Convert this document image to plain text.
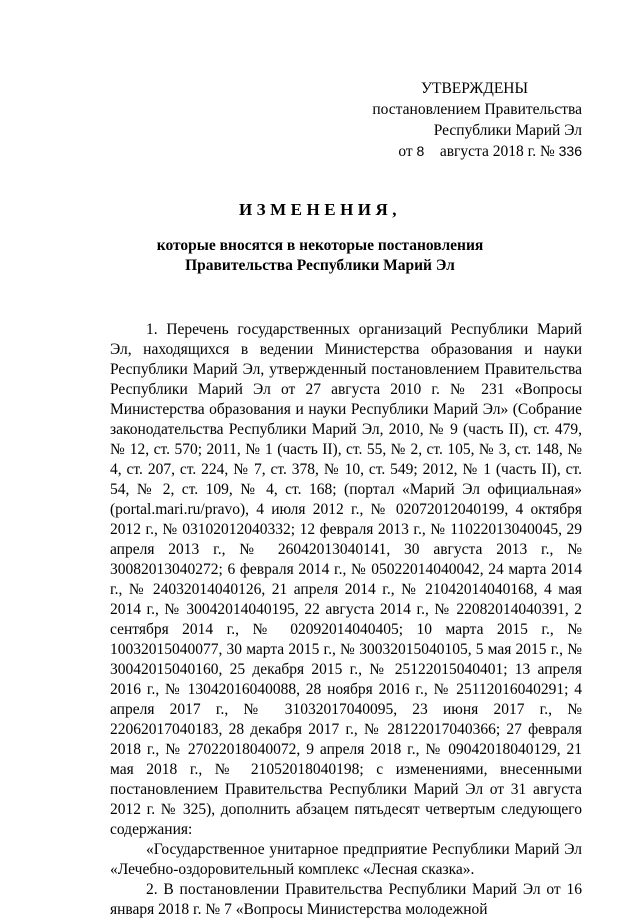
УТВЕРЖДЕНЫ
постановлением Правительства
Республики Марий Эл
от 8 августа 2018 г. № 336
ИЗМЕНЕНИЯ,
которые вносятся в некоторые постановления
Правительства Республики Марий Эл

1. Перечень государственных организаций Республики Марий Эл, находящихся в ведении Министерства образования и науки Республики Марий Эл, утвержденный постановлением Правительства Республики Марий Эл от 27 августа 2010 г. № 231 «Вопросы Министерства образования и науки Республики Марий Эл» (Собрание законодательства Республики Марий Эл, 2010, № 9 (часть II), ст. 479, № 12, ст. 570; 2011, № 1 (часть II), ст. 55, № 2, ст. 105, № 3, ст. 148, № 4, ст. 207, ст. 224, № 7, ст. 378, № 10, ст. 549; 2012, № 1 (часть II), ст. 54, № 2, ст. 109, № 4, ст. 168; (портал «Марий Эл официальная» (portal.mari.ru/pravo), 4 июля 2012 г., № 02072012040199, 4 октября 2012 г., № 03102012040332; 12 февраля 2013 г., № 11022013040045, 29 апреля 2013 г., № 26042013040141, 30 августа 2013 г., № 30082013040272; 6 февраля 2014 г., № 05022014040042, 24 марта 2014 г., № 24032014040126, 21 апреля 2014 г., № 21042014040168, 4 мая 2014 г., № 30042014040195, 22 августа 2014 г., № 22082014040391, 2 сентября 2014 г., № 02092014040405; 10 марта 2015 г., № 10032015040077, 30 марта 2015 г., № 30032015040105, 5 мая 2015 г., № 30042015040160, 25 декабря 2015 г., № 25122015040401; 13 апреля 2016 г., № 13042016040088, 28 ноября 2016 г., № 25112016040291; 4 апреля 2017 г., № 31032017040095, 23 июня 2017 г., № 22062017040183, 28 декабря 2017 г., № 28122017040366; 27 февраля 2018 г., № 27022018040072, 9 апреля 2018 г., № 09042018040129, 21 мая 2018 г., № 21052018040198; с изменениями, внесенными постановлением Правительства Республики Марий Эл от 31 августа 2012 г. № 325), дополнить абзацем пятьдесят четвертым следующего содержания:

«Государственное унитарное предприятие Республики Марий Эл «Лечебно-оздоровительный комплекс «Лесная сказка».

2. В постановлении Правительства Республики Марий Эл от 16 января 2018 г. № 7 «Вопросы Министерства молодежной
